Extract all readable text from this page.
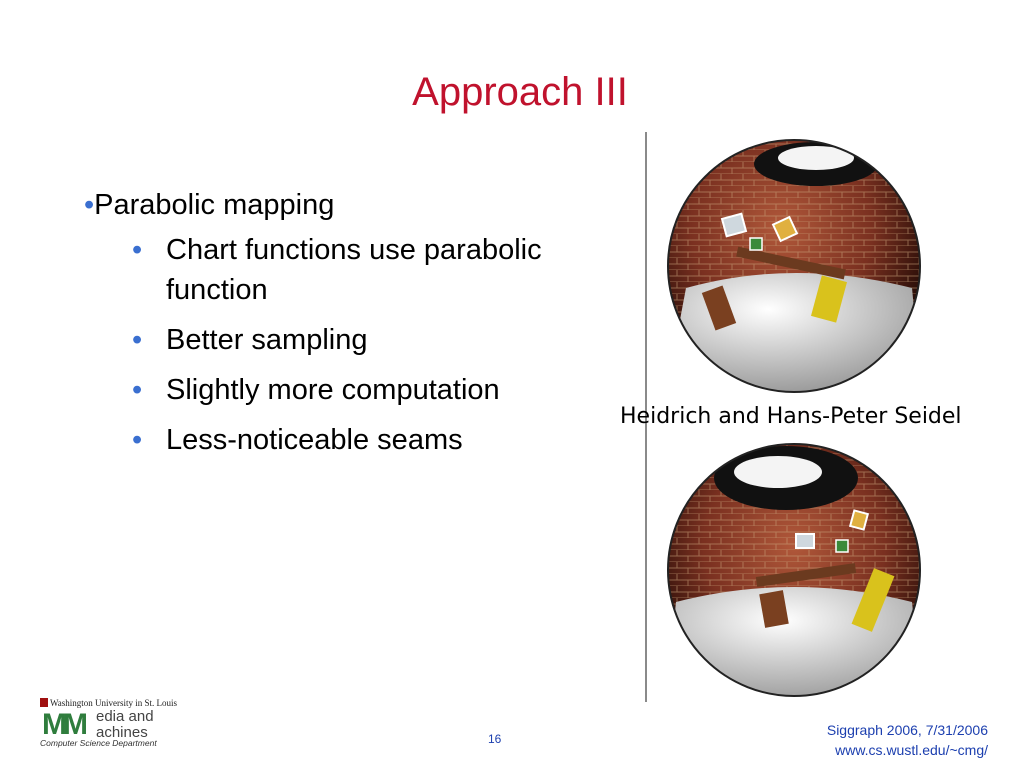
Approach III
•Parabolic mapping
• Chart functions use parabolic function
• Better sampling
• Slightly more computation
• Less-noticeable seams
Heidrich and Hans-Peter Seidel
Washington University in St. Louis
MM edia and
achines
Computer Science Department	16
Siggraph 2006, 7/31/2006
www.cs.wustl.edu/~cmg/
